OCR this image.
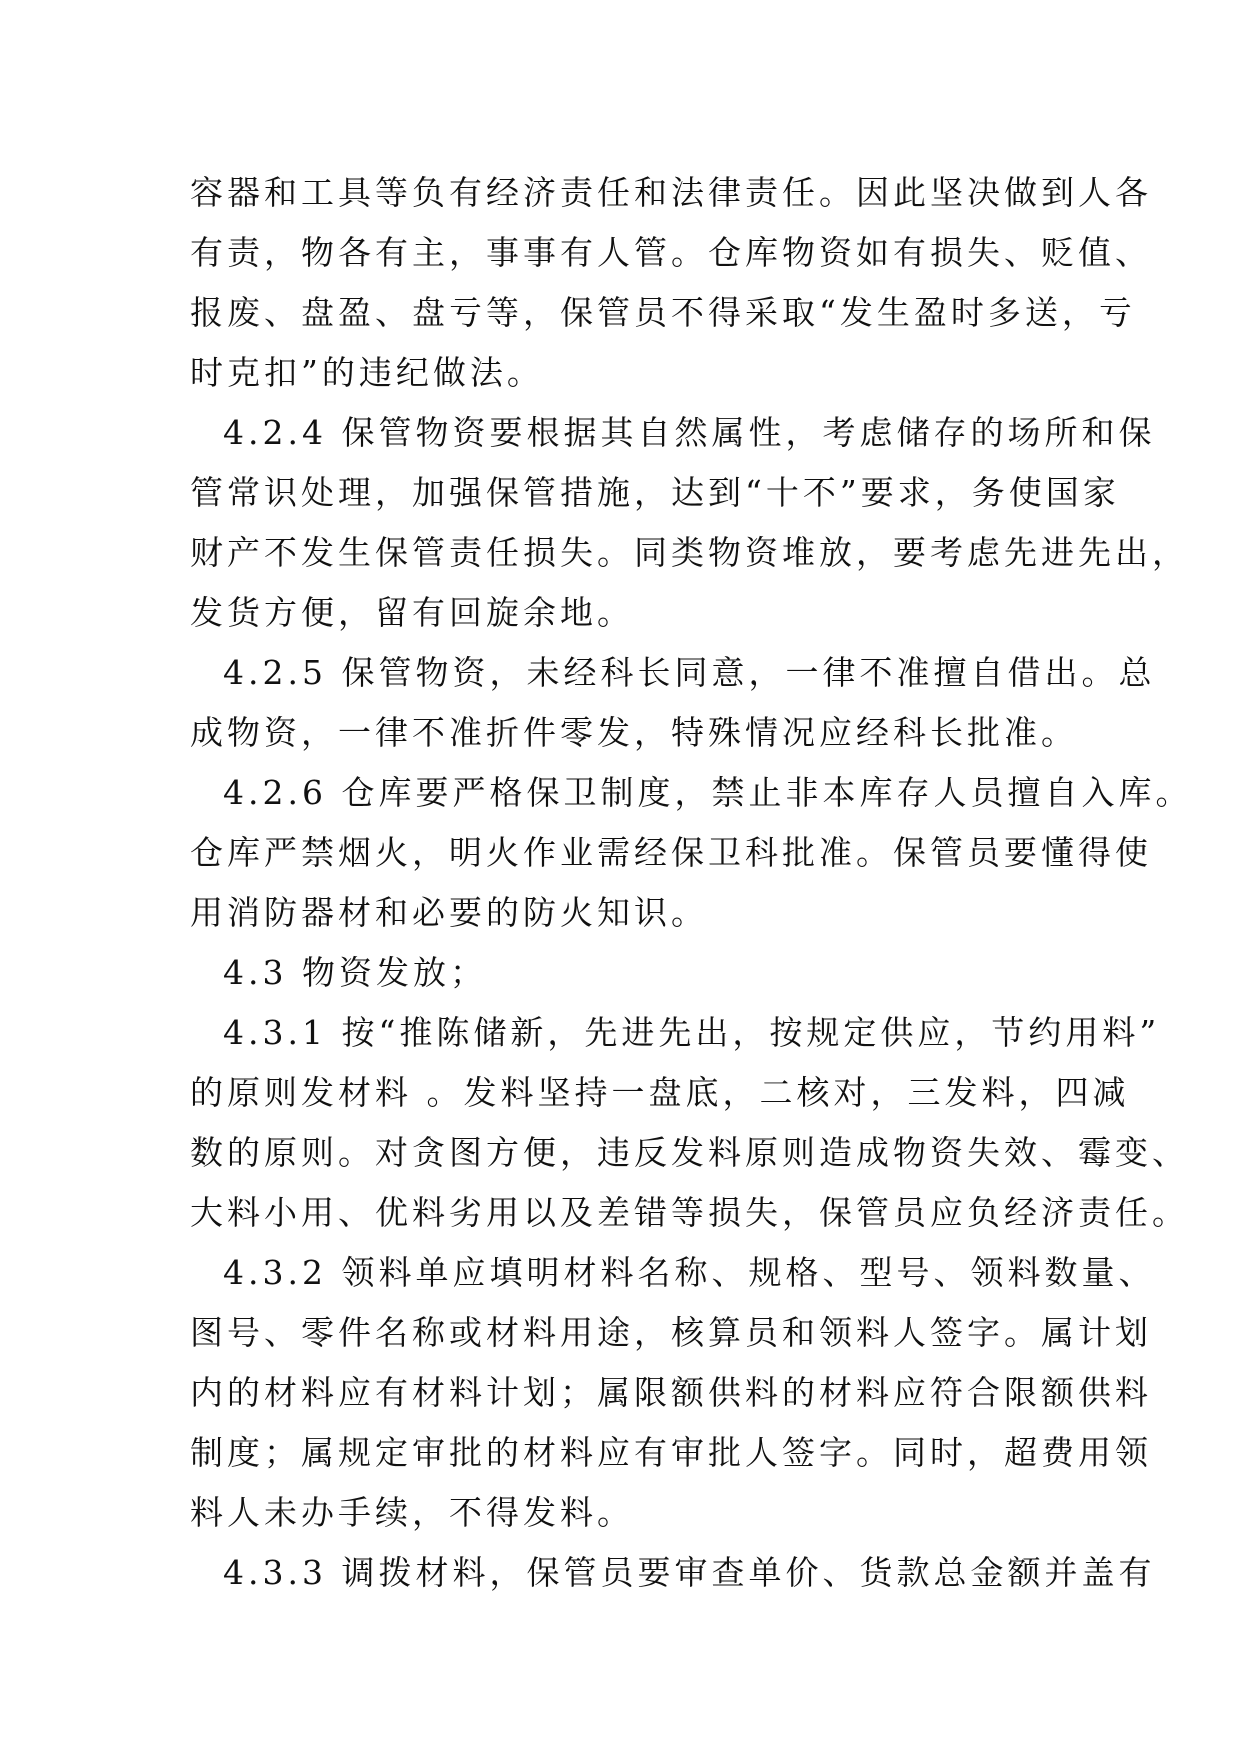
容器和工具等负有经济责任和法律责任。因此坚决做到人各
有责，物各有主，事事有人管。仓库物资如有损失、贬值、
报废、盘盈、盘亏等，保管员不得采取“发生盈时多送，亏
时克扣”的违纪做法。
4.2.4 保管物资要根据其自然属性，考虑储存的场所和保
管常识处理，加强保管措施，达到“十不”要求，务使国家
财产不发生保管责任损失。同类物资堆放，要考虑先进先出，
发货方便，留有回旋余地。
4.2.5 保管物资，未经科长同意，一律不准擅自借出。总
成物资，一律不准折件零发，特殊情况应经科长批准。
4.2.6 仓库要严格保卫制度，禁止非本库存人员擅自入库。
仓库严禁烟火，明火作业需经保卫科批准。保管员要懂得使
用消防器材和必要的防火知识。
4.3 物资发放；
4.3.1 按“推陈储新，先进先出，按规定供应，节约用料”
的原则发材料 。发料坚持一盘底，二核对，三发料，四减
数的原则。对贪图方便，违反发料原则造成物资失效、霉变、
大料小用、优料劣用以及差错等损失，保管员应负经济责任。
4.3.2 领料单应填明材料名称、规格、型号、领料数量、
图号、零件名称或材料用途，核算员和领料人签字。属计划
内的材料应有材料计划；属限额供料的材料应符合限额供料
制度；属规定审批的材料应有审批人签字。同时，超费用领
料人未办手续，不得发料。
4.3.3 调拨材料，保管员要审查单价、货款总金额并盖有
